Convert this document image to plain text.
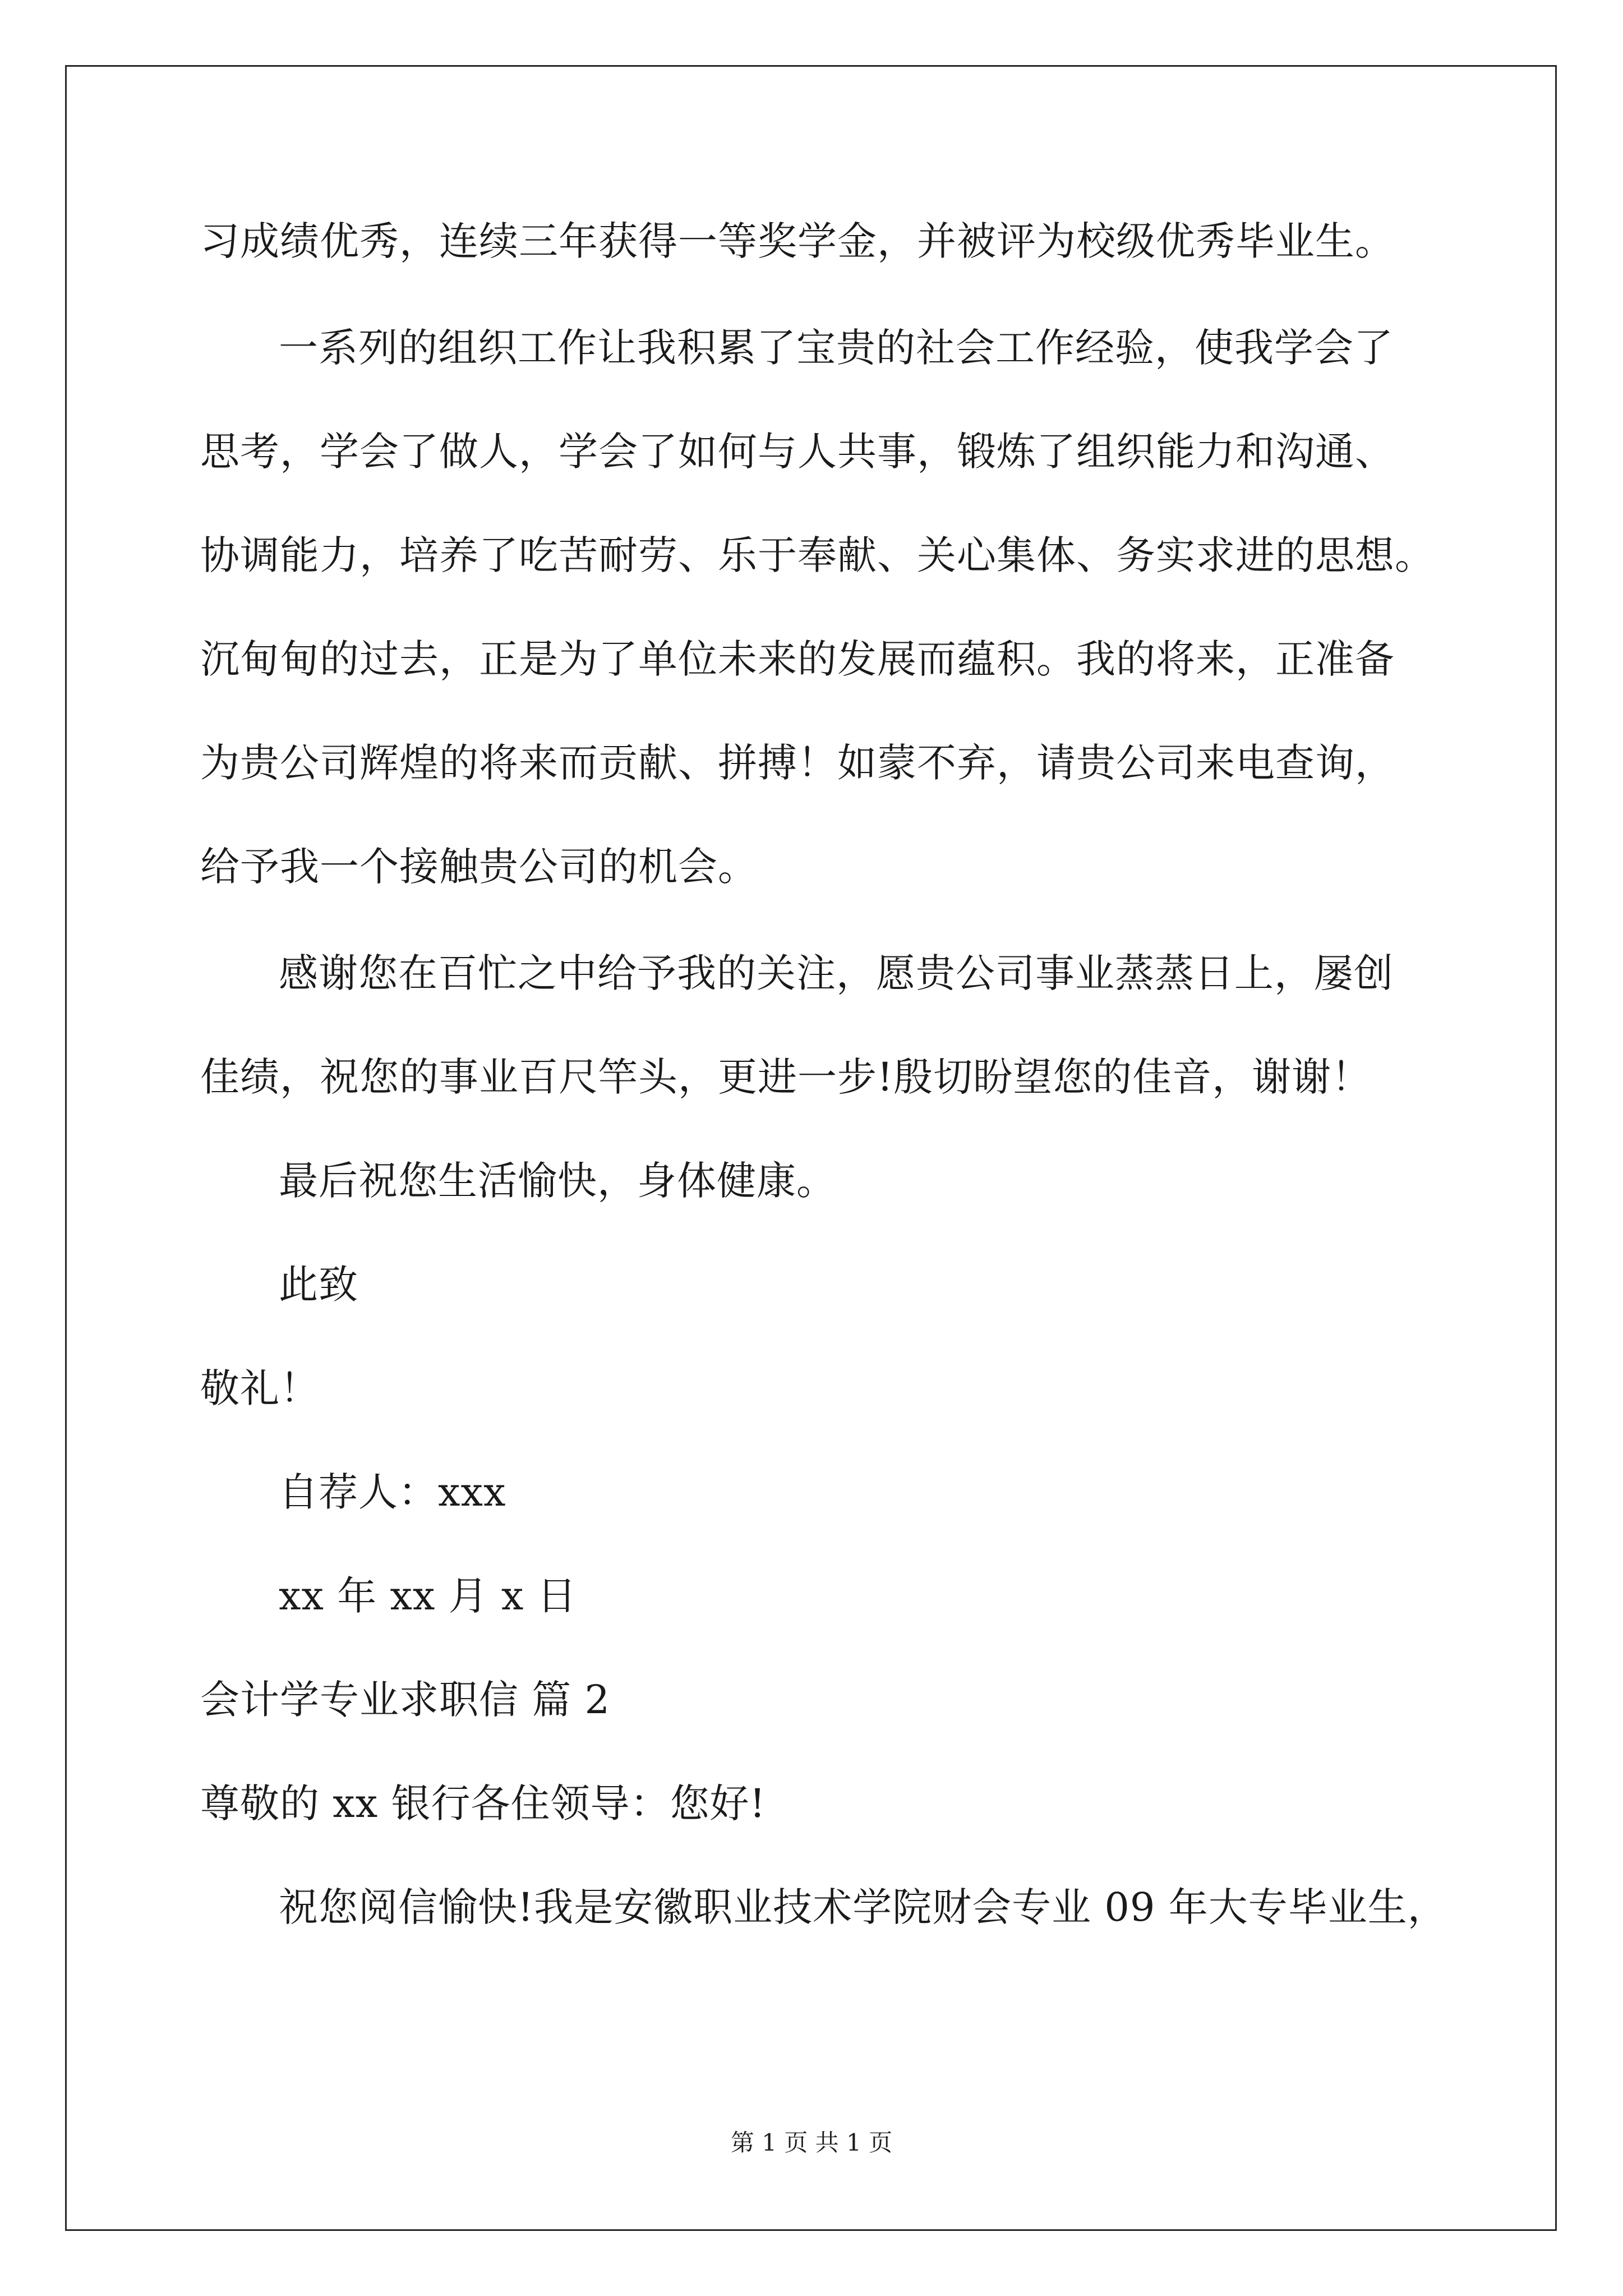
习成绩优秀，连续三年获得一等奖学金，并被评为校级优秀毕业生。
一系列的组织工作让我积累了宝贵的社会工作经验，使我学会了
思考，学会了做人，学会了如何与人共事，锻炼了组织能力和沟通、
协调能力，培养了吃苦耐劳、乐于奉献、关心集体、务实求进的思想。
沉甸甸的过去，正是为了单位未来的发展而蕴积。我的将来，正准备
为贵公司辉煌的将来而贡献、拼搏！如蒙不弃，请贵公司来电查询，
给予我一个接触贵公司的机会。
感谢您在百忙之中给予我的关注，愿贵公司事业蒸蒸日上，屡创
佳绩，祝您的事业百尺竿头，更进一步!殷切盼望您的佳音，谢谢！
最后祝您生活愉快，身体健康。
此致
敬礼！
自荐人：xxx
xx 年 xx 月 x 日
会计学专业求职信 篇 2
尊敬的 xx 银行各住领导：您好!
祝您阅信愉快!我是安徽职业技术学院财会专业 09 年大专毕业生，
第 1 页 共 1 页
